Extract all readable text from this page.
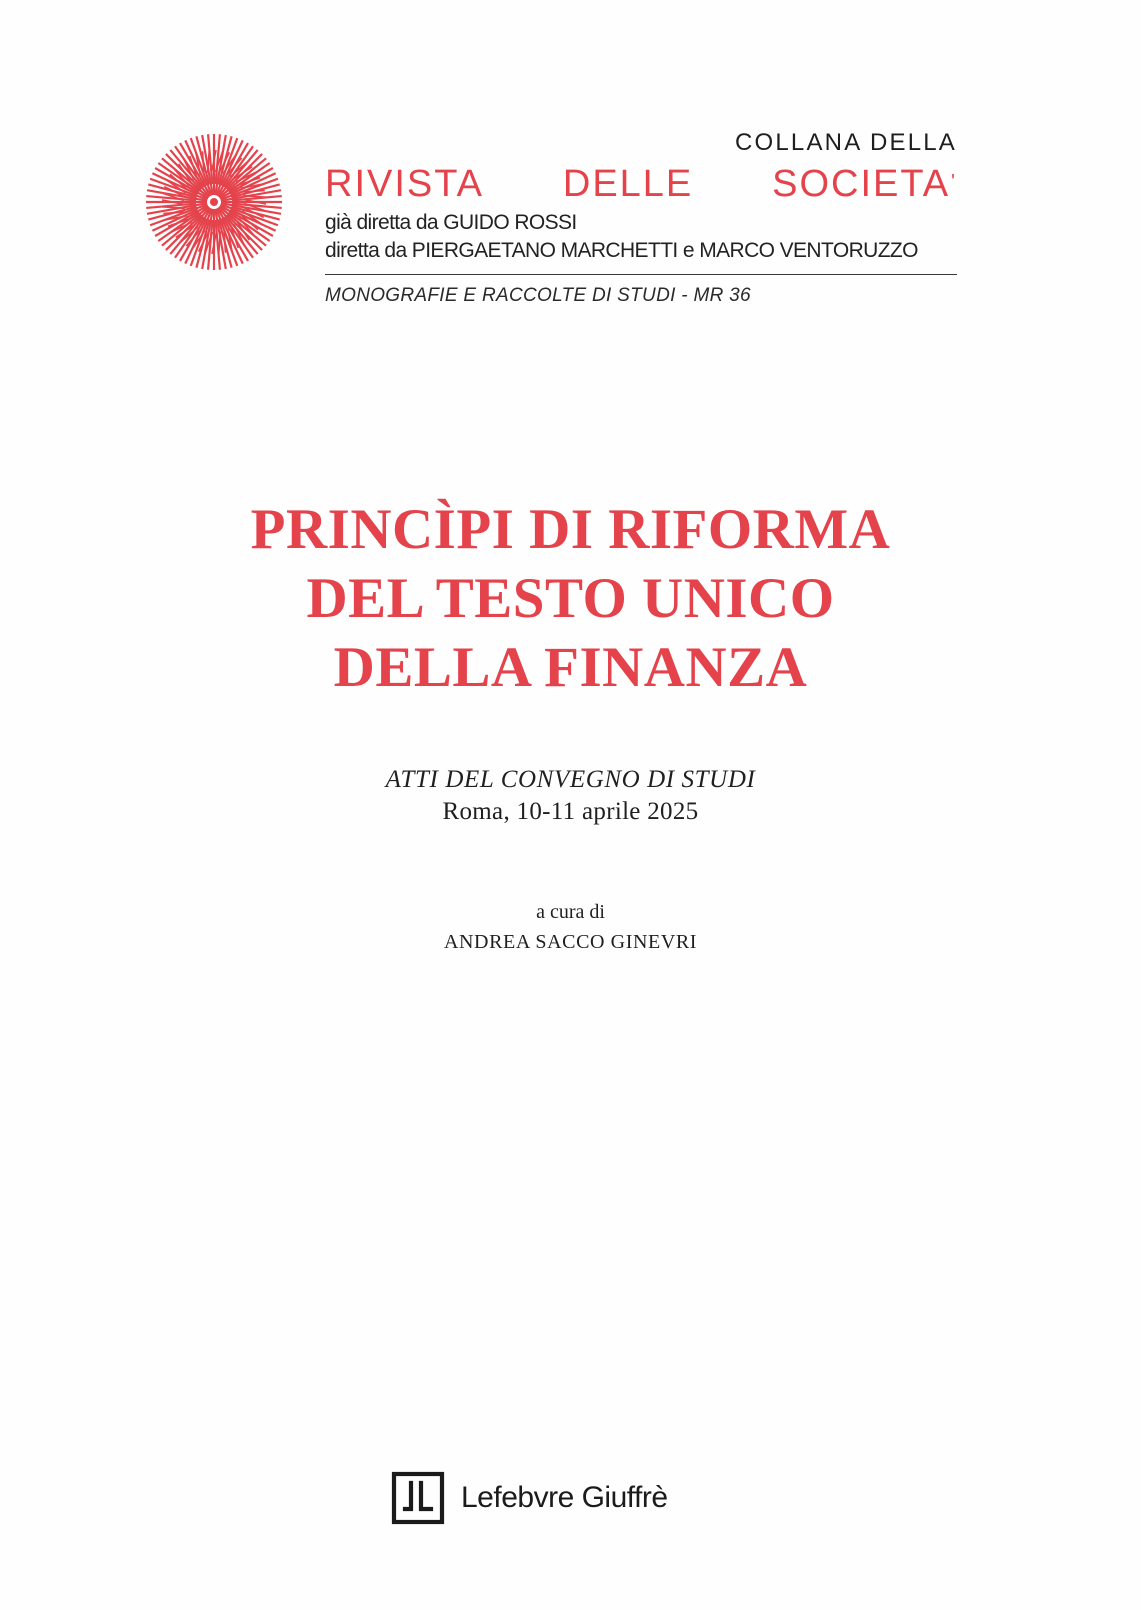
COLLANA DELLA
RIVISTA DELLE SOCIETA'
già diretta da GUIDO ROSSI
diretta da PIERGAETANO MARCHETTI e MARCO VENTORUZZO
MONOGRAFIE E RACCOLTE DI STUDI - MR 36
PRINCÌPI DI RIFORMA
DEL TESTO UNICO
DELLA FINANZA
ATTI DEL CONVEGNO DI STUDI
Roma, 10-11 aprile 2025
a cura di
ANDREA SACCO GINEVRI
Lefebvre Giuffrè
